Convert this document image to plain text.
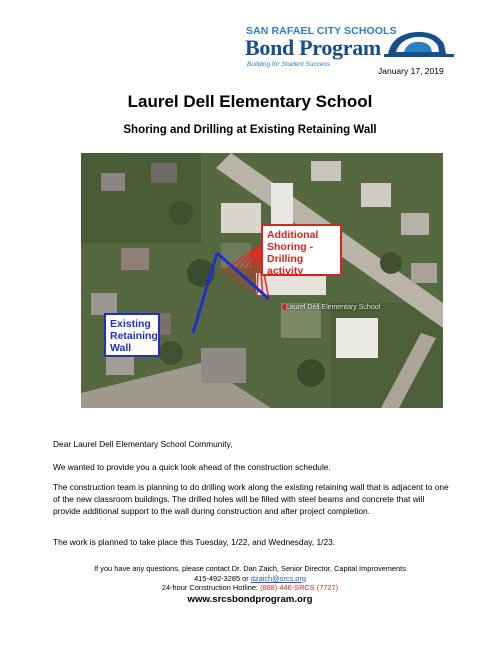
SAN RAFAEL CITY SCHOOLS
Bond Program
Building for Student Success
January 17, 2019
Laurel Dell Elementary School
Shoring and Drilling at Existing Retaining Wall
Laurel Dell Elementary School
Additional
Shoring -
Drilling
activity
Existing
Retaining
Wall
Dear Laurel Dell Elementary School Community,
We wanted to provide you a quick look ahead of the construction schedule.
The construction team is planning to do drilling work along the existing retaining wall that is adjacent to one of the new classroom buildings. The drilled holes will be filled with steel beams and concrete that will provide additional support to the wall during construction and after project completion.
The work is planned to take place this Tuesday, 1/22, and Wednesday, 1/23.
If you have any questions, please contact Dr. Dan Zaich, Senior Director, Capital Improvements
415-492-3285 or dzaich@srcs.org
24-hour Construction Hotline: (888) 446-SRCS (7727)
www.srcsbondprogram.org
